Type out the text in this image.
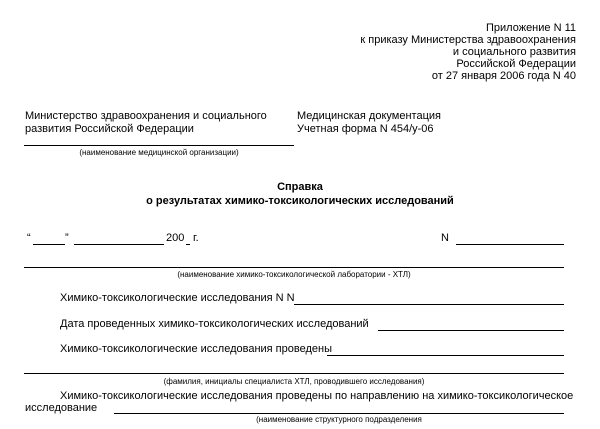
Приложение N 11
к приказу Министерства здравоохранения
и социального развития
Российской Федерации
от 27 января 2006 года N 40
Министерство здравоохранения и социального
развития Российской Федерации
(наименование медицинской организации)
Медицинская документация
Учетная форма N 454/у-06
Справка
о результатах химико-токсикологических исследований
“	”	200 г.	N
(наименование химико-токсикологической лаборатории - ХТЛ)
Химико-токсикологические исследования N N
Дата проведенных химико-токсикологических исследований
Химико-токсикологические исследования проведены
(фамилия, инициалы специалиста ХТЛ, проводившего исследования)
Химико-токсикологические исследования проведены по направлению на химико-токсикологическое
исследование
(наименование структурного подразделения
